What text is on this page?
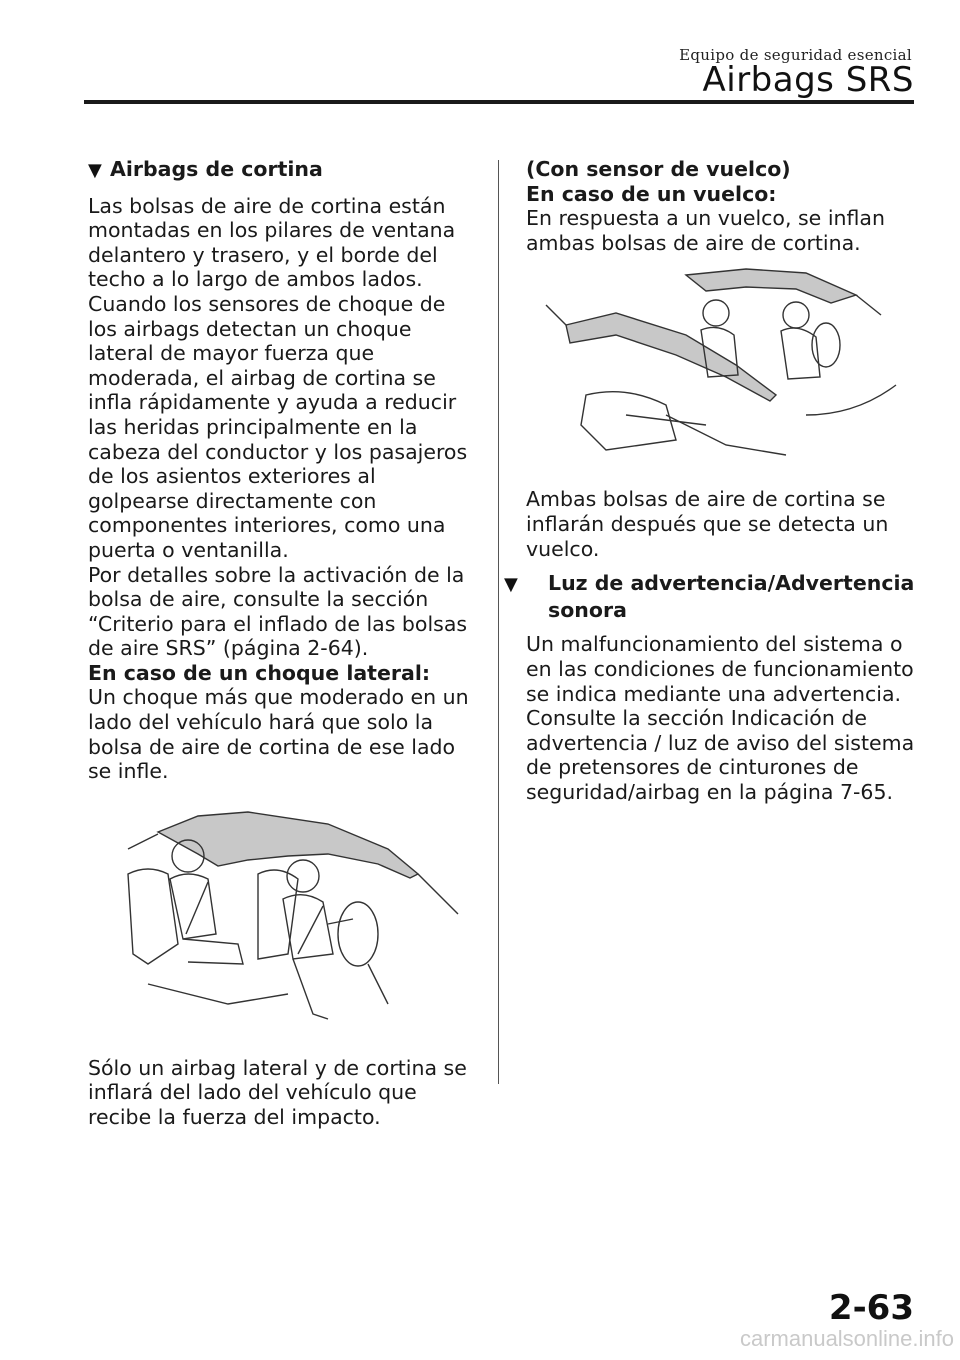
Equipo de seguridad esencial
Airbags SRS
▼ Airbags de cortina

Las bolsas de aire de cortina están montadas en los pilares de ventana delantero y trasero, y el borde del techo a lo largo de ambos lados. Cuando los sensores de choque de los airbags detectan un choque lateral de mayor fuerza que moderada, el airbag de cortina se infla rápidamente y ayuda a reducir las heridas principalmente en la cabeza del conductor y los pasajeros de los asientos exteriores al golpearse directamente con componentes interiores, como una puerta o ventanilla.

Por detalles sobre la activación de la bolsa de aire, consulte la sección “Criterio para el inflado de las bolsas de aire SRS” (página 2-64).

En caso de un choque lateral:

Un choque más que moderado en un lado del vehículo hará que solo la bolsa de aire de cortina de ese lado se infle.

Sólo un airbag lateral y de cortina se inflará del lado del vehículo que recibe la fuerza del impacto.

(Con sensor de vuelco)

En caso de un vuelco:

En respuesta a un vuelco, se inflan ambas bolsas de aire de cortina.

Ambas bolsas de aire de cortina se inflarán después que se detecta un vuelco.

▼ Luz de advertencia/Advertencia sonora

Un malfuncionamiento del sistema o en las condiciones de funcionamiento se indica mediante una advertencia. Consulte la sección Indicación de advertencia / luz de aviso del sistema de pretensores de cinturones de seguridad/airbag en la página 7-65.

2-63
carmanualsonline.info
